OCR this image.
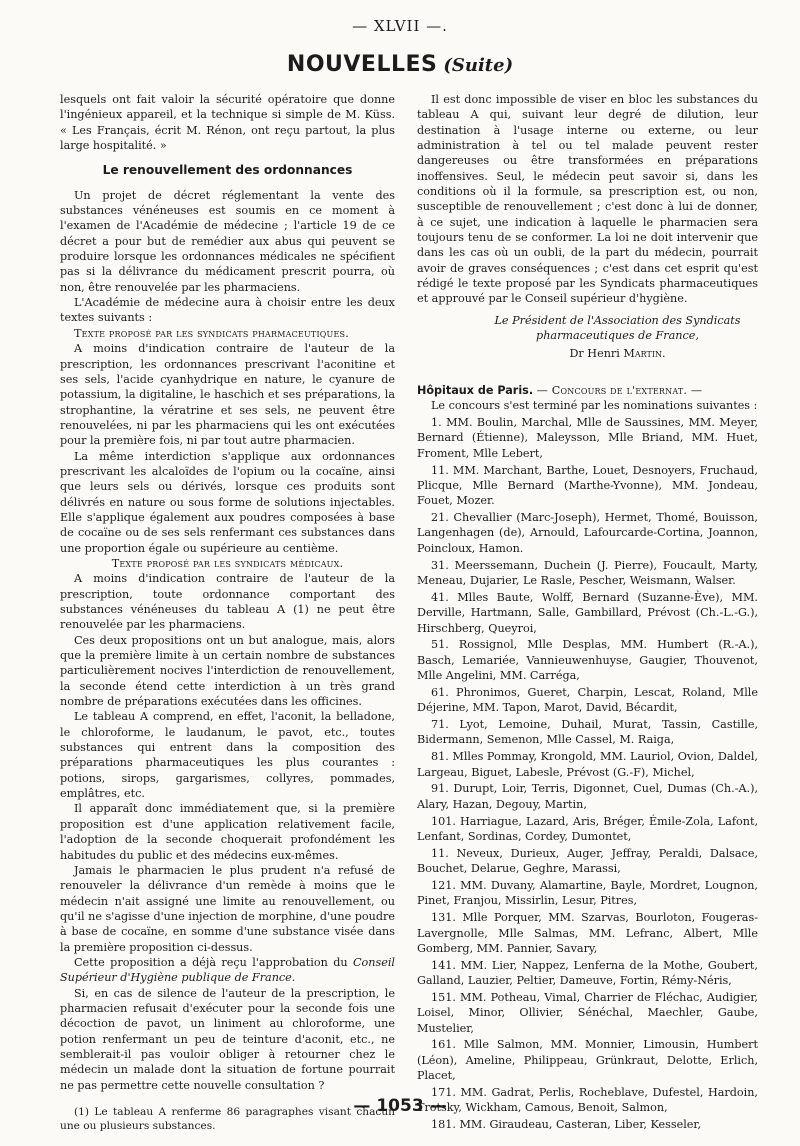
— XLVII —.
NOUVELLES (Suite)

lesquels ont fait valoir la sécurité opératoire que donne l'ingénieux appareil, et la technique si simple de M. Küss. « Les Français, écrit M. Rénon, ont reçu partout, la plus large hospitalité. »

Le renouvellement des ordonnances

Un projet de décret réglementant la vente des substances vénéneuses est soumis en ce moment à l'examen de l'Académie de médecine ; l'article 19 de ce décret a pour but de remédier aux abus qui peuvent se produire lorsque les ordonnances médicales ne spécifient pas si la délivrance du médicament prescrit pourra, où non, être renouvelée par les pharmaciens.

L'Académie de médecine aura à choisir entre les deux textes suivants :

Texte proposé par les syndicats pharmaceutiques.

A moins d'indication contraire de l'auteur de la prescription, les ordonnances prescrivant l'aconitine et ses sels, l'acide cyanhydrique en nature, le cyanure de potassium, la digitaline, le haschich et ses préparations, la strophantine, la vératrine et ses sels, ne peuvent être renouvelées, ni par les pharmaciens qui les ont exécutées pour la première fois, ni par tout autre pharmacien.

La même interdiction s'applique aux ordonnances prescrivant les alcaloïdes de l'opium ou la cocaïne, ainsi que leurs sels ou dérivés, lorsque ces produits sont délivrés en nature ou sous forme de solutions injectables. Elle s'applique également aux poudres composées à base de cocaïne ou de ses sels renfermant ces substances dans une proportion égale ou supérieure au centième.

Texte proposé par les syndicats médicaux.

A moins d'indication contraire de l'auteur de la prescription, toute ordonnance comportant des substances vénéneuses du tableau A (1) ne peut être renouvelée par les pharmaciens.

Ces deux propositions ont un but analogue, mais, alors que la première limite à un certain nombre de substances particulièrement nocives l'interdiction de renouvellement, la seconde étend cette interdiction à un très grand nombre de préparations exécutées dans les officines.

Le tableau A comprend, en effet, l'aconit, la belladone, le chloroforme, le laudanum, le pavot, etc., toutes substances qui entrent dans la composition des préparations pharmaceutiques les plus courantes : potions, sirops, gargarismes, collyres, pommades, emplâtres, etc.

Il apparaît donc immédiatement que, si la première proposition est d'une application relativement facile, l'adoption de la seconde choquerait profondément les habitudes du public et des médecins eux-mêmes.

Jamais le pharmacien le plus prudent n'a refusé de renouveler la délivrance d'un remède à moins que le médecin n'ait assigné une limite au renouvellement, ou qu'il ne s'agisse d'une injection de morphine, d'une poudre à base de cocaïne, en somme d'une substance visée dans la première proposition ci-dessus.

Cette proposition a déjà reçu l'approbation du Conseil Supérieur d'Hygiène publique de France.

Si, en cas de silence de l'auteur de la prescription, le pharmacien refusait d'exécuter pour la seconde fois une décoction de pavot, un liniment au chloroforme, une potion renfermant un peu de teinture d'aconit, etc., ne semblerait-il pas vouloir obliger à retourner chez le médecin un malade dont la situation de fortune pourrait ne pas permettre cette nouvelle consultation ?

(1) Le tableau A renferme 86 paragraphes visant chacun une ou plusieurs substances.

Il est donc impossible de viser en bloc les substances du tableau A qui, suivant leur degré de dilution, leur destination à l'usage interne ou externe, ou leur administration à tel ou tel malade peuvent rester dangereuses ou être transformées en préparations inoffensives. Seul, le médecin peut savoir si, dans les conditions où il la formule, sa prescription est, ou non, susceptible de renouvellement ; c'est donc à lui de donner, à ce sujet, une indication à laquelle le pharmacien sera toujours tenu de se conformer. La loi ne doit intervenir que dans les cas où un oubli, de la part du médecin, pourrait avoir de graves conséquences ; c'est dans cet esprit qu'est rédigé le texte proposé par les Syndicats pharmaceutiques et approuvé par le Conseil supérieur d'hygiène.

Le Président de l'Association des Syndicats pharmaceutiques de France,

Dr Henri Martin.

Hôpitaux de Paris. — Concours de l'externat. —

Le concours s'est terminé par les nominations suivantes :

1. MM. Boulin, Marchal, Mlle de Saussines, MM. Meyer, Bernard (Étienne), Maleysson, Mlle Briand, MM. Huet, Froment, Mlle Lebert,

11. MM. Marchant, Barthe, Louet, Desnoyers, Fruchaud, Plicque, Mlle Bernard (Marthe-Yvonne), MM. Jondeau, Fouet, Mozer.

21. Chevallier (Marc-Joseph), Hermet, Thomé, Bouisson, Langenhagen (de), Arnould, Lafourcarde-Cortina, Joannon, Poincloux, Hamon.

31. Meerssemann, Duchein (J. Pierre), Foucault, Marty, Meneau, Dujarier, Le Rasle, Pescher, Weismann, Walser.

41. Mlles Baute, Wolff, Bernard (Suzanne-Ève), MM. Derville, Hartmann, Salle, Gambillard, Prévost (Ch.-L.-G.), Hirschberg, Queyroi,

51. Rossignol, Mlle Desplas, MM. Humbert (R.-A.), Basch, Lemariée, Vannieuwenhuyse, Gaugier, Thouvenot, Mlle Angelini, MM. Carréga,

61. Phronimos, Gueret, Charpin, Lescat, Roland, Mlle Déjerine, MM. Tapon, Marot, David, Bécardit,

71. Lyot, Lemoine, Duhail, Murat, Tassin, Castille, Bidermann, Semenon, Mlle Cassel, M. Raiga,

81. Mlles Pommay, Krongold, MM. Lauriol, Ovion, Daldel, Largeau, Biguet, Labesle, Prévost (G.-F), Michel,

91. Durupt, Loir, Terris, Digonnet, Cuel, Dumas (Ch.-A.), Alary, Hazan, Degouy, Martin,

101. Harriague, Lazard, Aris, Bréger, Émile-Zola, Lafont, Lenfant, Sordinas, Cordey, Dumontet,

11. Neveux, Durieux, Auger, Jeffray, Peraldi, Dalsace, Bouchet, Delarue, Geghre, Marassi,

121. MM. Duvany, Alamartine, Bayle, Mordret, Lougnon, Pinet, Franjou, Missirlin, Lesur, Pitres,

131. Mlle Porquer, MM. Szarvas, Bourloton, Fougeras-Lavergnolle, Mlle Salmas, MM. Lefranc, Albert, Mlle Gomberg, MM. Pannier, Savary,

141. MM. Lier, Nappez, Lenferna de la Mothe, Goubert, Galland, Lauzier, Peltier, Dameuve, Fortin, Rémy-Néris,

151. MM. Potheau, Vimal, Charrier de Fléchac, Audigier, Loisel, Minor, Ollivier, Sénéchal, Maechler, Gaube, Mustelier,

161. Mlle Salmon, MM. Monnier, Limousin, Humbert (Léon), Ameline, Philippeau, Grünkraut, Delotte, Erlich, Placet,

171. MM. Gadrat, Perlis, Rocheblave, Dufestel, Hardoin, Trotsky, Wickham, Camous, Benoit, Salmon,

181. MM. Giraudeau, Casteran, Liber, Kesseler,

— 1053 —
